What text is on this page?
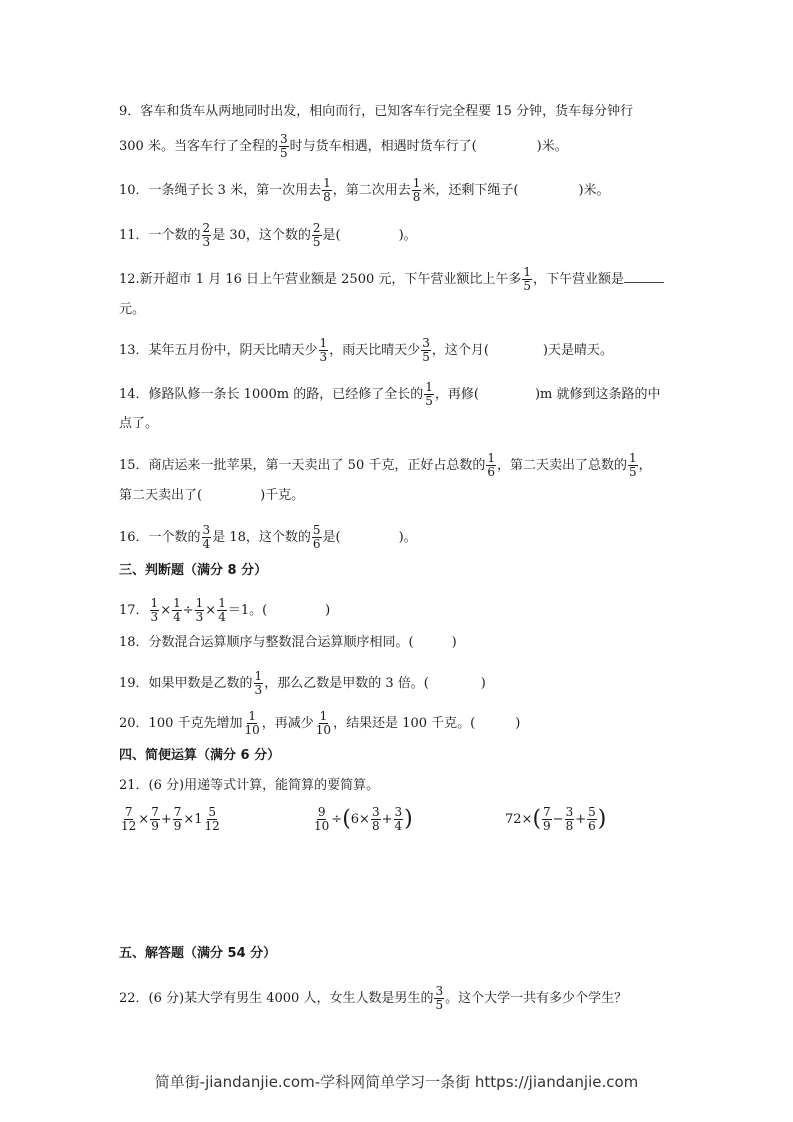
9．客车和货车从两地同时出发，相向而行，已知客车行完全程要 15 分钟，货车每分钟行
300 米。当客车行了全程的 $\frac{3}{5}$ 时与货车相遇，相遇时货车行了(	)米。
10．一条绳子长 3 米，第一次用去 $\frac{1}{8}$ ，第二次用去 $\frac{1}{8}$ 米，还剩下绳子(	)米。
11．一个数的 $\frac{2}{3}$ 是 30，这个数的 $\frac{2}{5}$ 是(	)。
12.新开超市 1 月 16 日上午营业额是 2500 元，下午营业额比上午多 $\frac{1}{5}$ ，下午营业额是
元。
13．某年五月份中，阴天比晴天少 $\frac{1}{3}$ ，雨天比晴天少 $\frac{3}{5}$ ，这个月(	)天是晴天。
14．修路队修一条长 1000m 的路，已经修了全长的 $\frac{1}{5}$ ，再修(	)m 就修到这条路的中
点了。
15．商店运来一批苹果，第一天卖出了 50 千克，正好占总数的 $\frac{1}{6}$ ，第二天卖出了总数的 $\frac{1}{5}$ ，
第二天卖出了(	)千克。
16．一个数的 $\frac{3}{4}$ 是 18，这个数的 $\frac{5}{6}$ 是(	)。
三、判断题（满分 8 分）
17． $\frac{1}{3} \times \frac{1}{4} \div \frac{1}{3} \times \frac{1}{4} =1$。(	)
18．分数混合运算顺序与整数混合运算顺序相同。(	)
19．如果甲数是乙数的 $\frac{1}{3}$ ，那么乙数是甲数的 3 倍。(	)
20．100 千克先增加 $\frac{1}{10}$ ，再减少 $\frac{1}{10}$ ，结果还是 100 千克。(	)
四、简便运算（满分 6 分）
21．(6 分)用递等式计算，能简算的要简算。
$\frac{7}{12} \times \frac{7}{9} + \frac{7}{9} \times 1 \frac{5}{12}$	$\frac{9}{10} \div(6\times \frac{3}{8} + \frac{3}{4}$ )	$72\times( \frac{7}{9} - \frac{3}{8} + \frac{5}{6}$ )
五、解答题（满分 54 分）
22．(6 分)某大学有男生 4000 人，女生人数是男生的 $\frac{3}{5}$ 。这个大学一共有多少个学生？
简单街-jiandanjie.com-学科网简单学习一条街 https://jiandanjie.com
